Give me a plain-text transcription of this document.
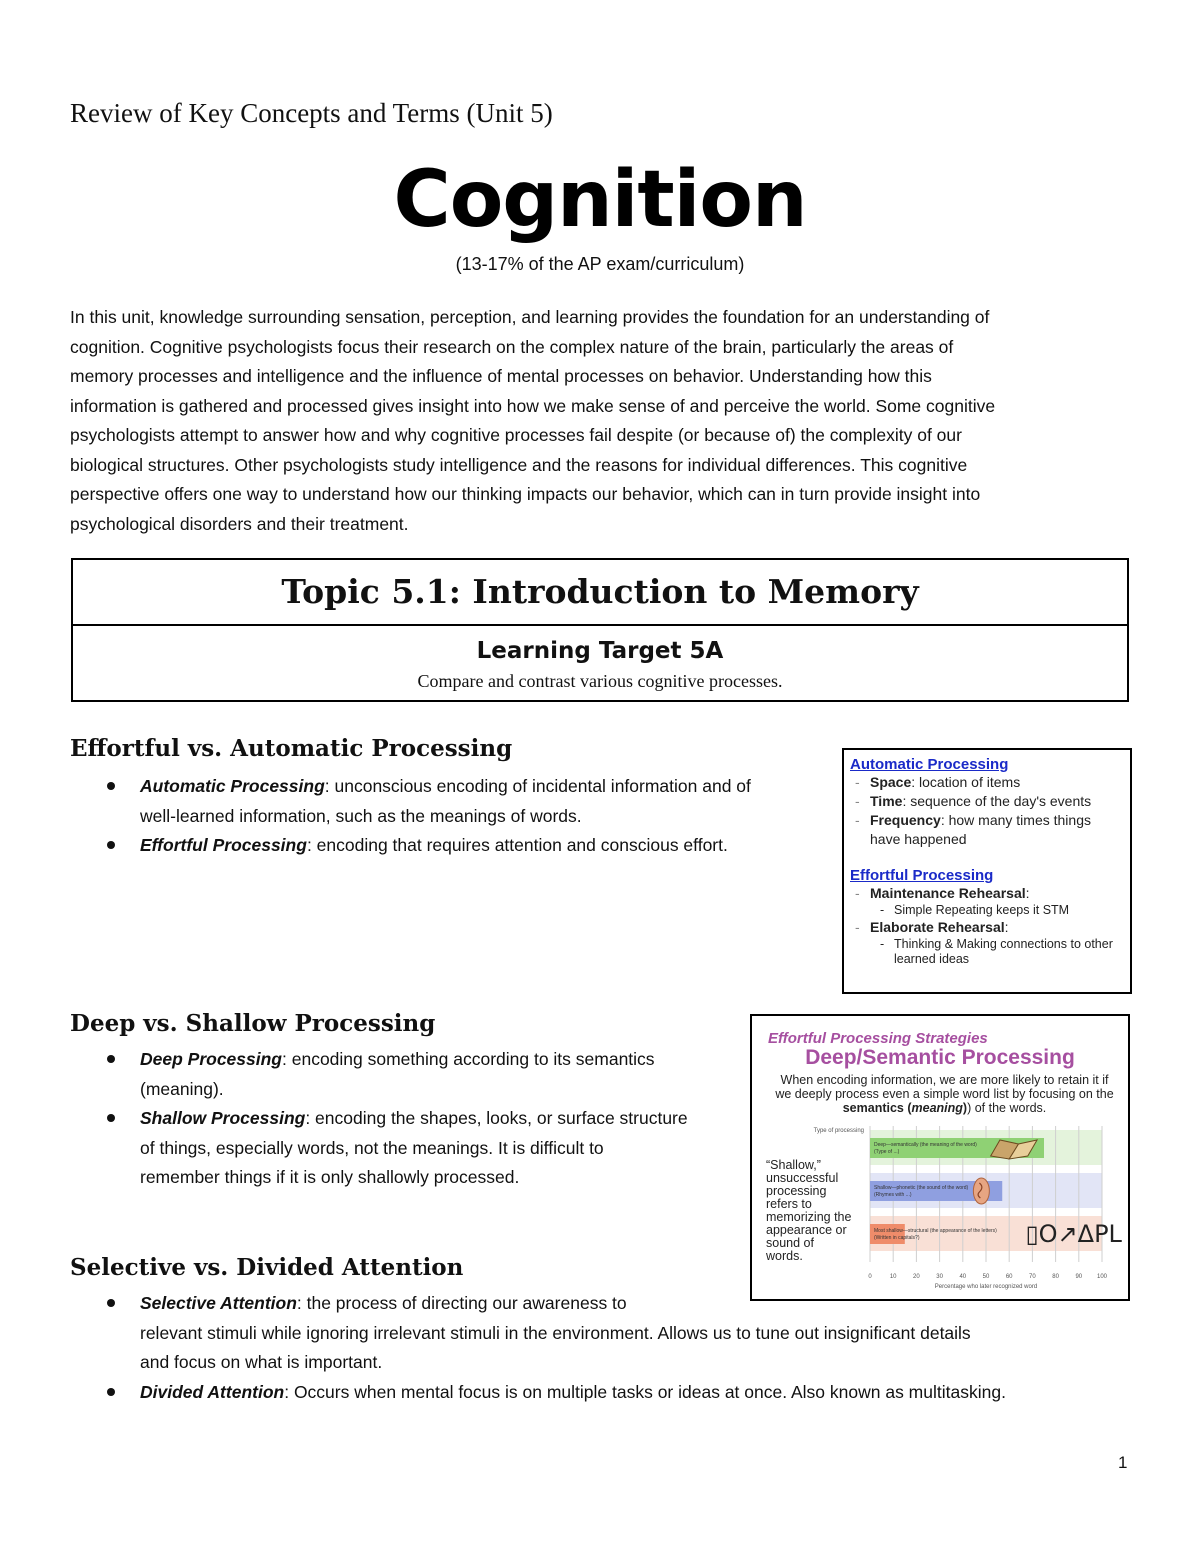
Review of Key Concepts and Terms (Unit 5)
Cognition
(13-17% of the AP exam/curriculum)
In this unit, knowledge surrounding sensation, perception, and learning provides the foundation for an understanding of
cognition. Cognitive psychologists focus their research on the complex nature of the brain, particularly the areas of
memory processes and intelligence and the influence of mental processes on behavior. Understanding how this
information is gathered and processed gives insight into how we make sense of and perceive the world. Some cognitive
psychologists attempt to answer how and why cognitive processes fail despite (or because of) the complexity of our
biological structures. Other psychologists study intelligence and the reasons for individual differences. This cognitive
perspective offers one way to understand how our thinking impacts our behavior, which can in turn provide insight into
psychological disorders and their treatment.
Topic 5.1: Introduction to Memory
Learning Target 5A
Compare and contrast various cognitive processes.
Effortful vs. Automatic Processing
Automatic Processing: unconscious encoding of incidental information and of
well-learned information, such as the meanings of words.
Effortful Processing: encoding that requires attention and conscious effort.
Deep vs. Shallow Processing
Deep Processing: encoding something according to its semantics
(meaning).
Shallow Processing: encoding the shapes, looks, or surface structure
of things, especially words, not the meanings. It is difficult to
remember things if it is only shallowly processed.
Selective vs. Divided Attention
Selective Attention: the process of directing our awareness to
relevant stimuli while ignoring irrelevant stimuli in the environment. Allows us to tune out insignificant details
and focus on what is important.
Divided Attention: Occurs when mental focus is on multiple tasks or ideas at once. Also known as multitasking.
Automatic Processing
- Space: location of items
- Time: sequence of the day's events
- Frequency: how many times things
have happened
Effortful Processing
- Maintenance Rehearsal:
- Simple Repeating keeps it STM
- Elaborate Rehearsal:
- Thinking & Making connections to other
learned ideas
Effortful Processing Strategies
Deep/Semantic Processing
When encoding information, we are more likely to retain it if
we deeply process even a simple word list by focusing on the
semantics (meaning)) of the words.
“Shallow,”
unsuccessful
processing
refers to
memorizing the
appearance or
sound of
words.
0	10	20	30	40	50	60	70	80	90 100
Deep—semantically (the meaning of the word)
(Type of ...)
Shallow—phonetic (the sound of the word)
(Rhymes with ...)
Most shallow—structural (the appearance of the letters)
(Written in capitals?)
Type of processing
Percentage who later recognized word
▯O↗ΔPL
1
